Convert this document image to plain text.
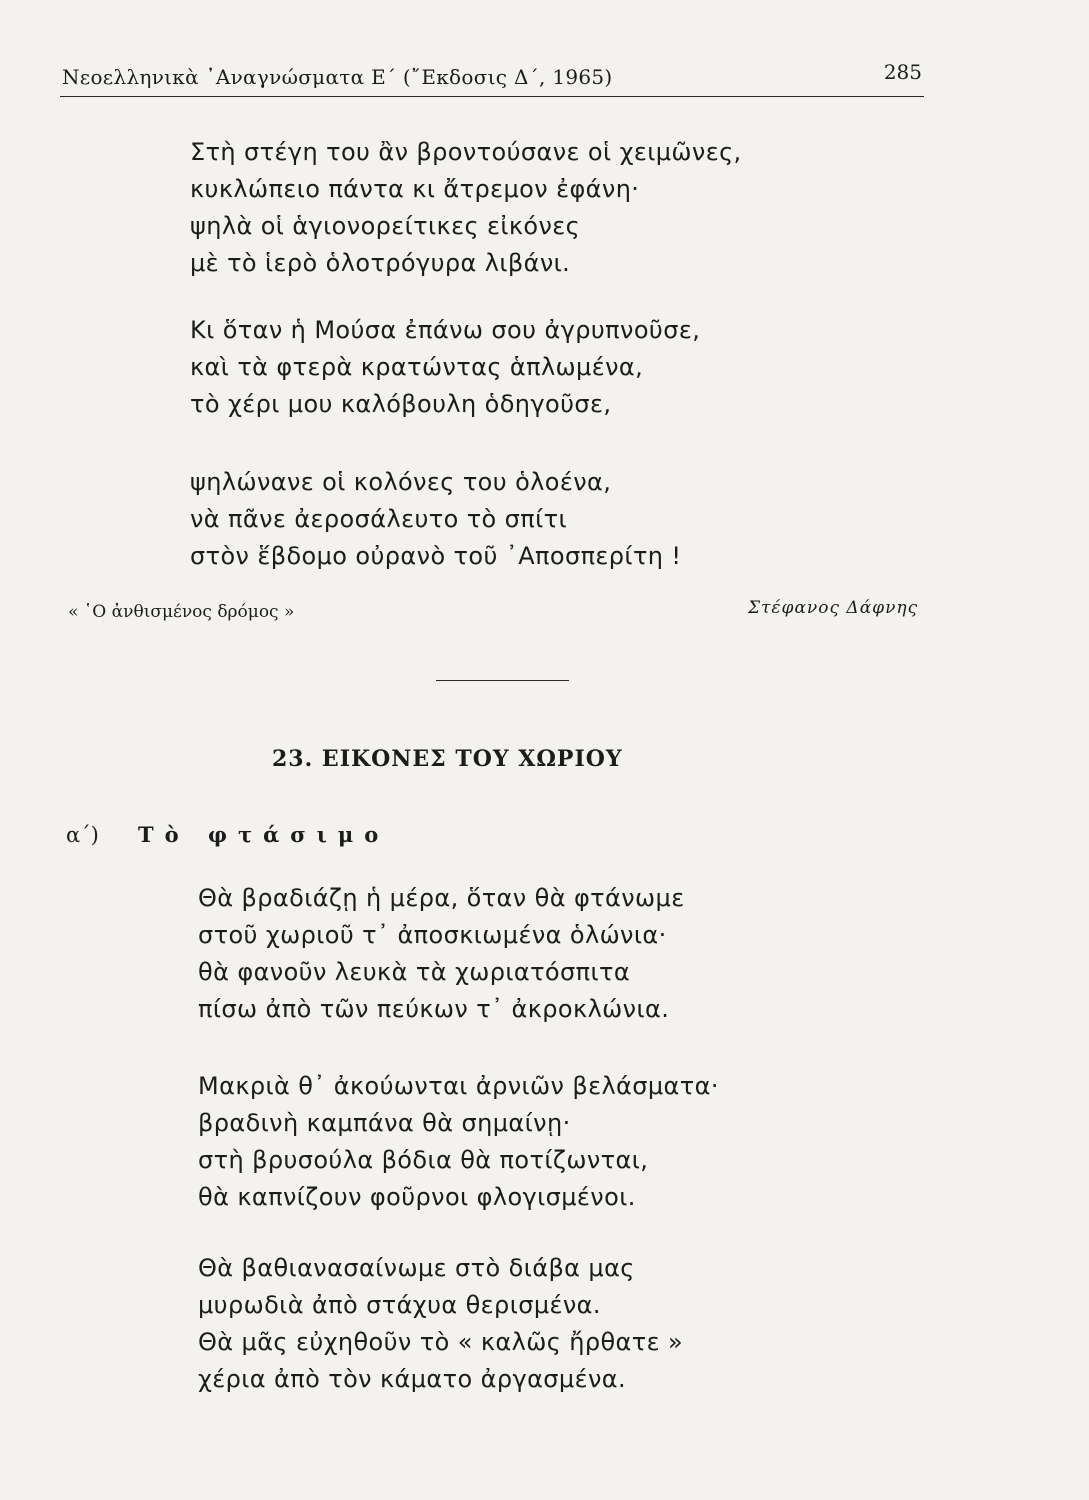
Νεοελληνικὰ ᾿Αναγνώσματα Ε΄ (῎Εκδοσις Δ΄, 1965)	285
Στὴ στέγη του ἂν βροντούσανε οἱ χειμῶνες,
κυκλώπειο πάντα κι ἄτρεμον ἐφάνη·
ψηλὰ οἱ ἁγιονορείτικες εἰκόνες
μὲ τὸ ἱερὸ ὁλοτρόγυρα λιβάνι.
Κι ὅταν ἡ Μούσα ἐπάνω σου ἀγρυπνοῦσε,
καὶ τὰ φτερὰ κρατώντας ἁπλωμένα,
τὸ χέρι μου καλόβουλη ὁδηγοῦσε,
ψηλώνανε οἱ κολόνες του ὁλοένα,
νὰ πᾶνε ἀεροσάλευτο τὸ σπίτι
στὸν ἕβδομο οὐρανὸ τοῦ ᾿Αποσπερίτη !
« ῾Ο ἀνθισμένος δρόμος »	Στέφανος Δάφνης
23. ΕΙΚΟΝΕΣ ΤΟΥ ΧΩΡΙΟΥ
α΄) Τὸ φτάσιμο
Θὰ βραδιάζῃ ἡ μέρα, ὅταν θὰ φτάνωμε
στοῦ χωριοῦ τ᾿ ἀποσκιωμένα ὁλώνια·
θὰ φανοῦν λευκὰ τὰ χωριατόσπιτα
πίσω ἀπὸ τῶν πεύκων τ᾿ ἀκροκλώνια.
Μακριὰ θ᾿ ἀκούωνται ἀρνιῶν βελάσματα·
βραδινὴ καμπάνα θὰ σημαίνῃ·
στὴ βρυσούλα βόδια θὰ ποτίζωνται,
θὰ καπνίζουν φοῦρνοι φλογισμένοι.
Θὰ βαθιανασαίνωμε στὸ διάβα μας
μυρωδιὰ ἀπὸ στάχυα θερισμένα.
Θὰ μᾶς εὐχηθοῦν τὸ « καλῶς ἤρθατε »
χέρια ἀπὸ τὸν κάματο ἀργασμένα.
